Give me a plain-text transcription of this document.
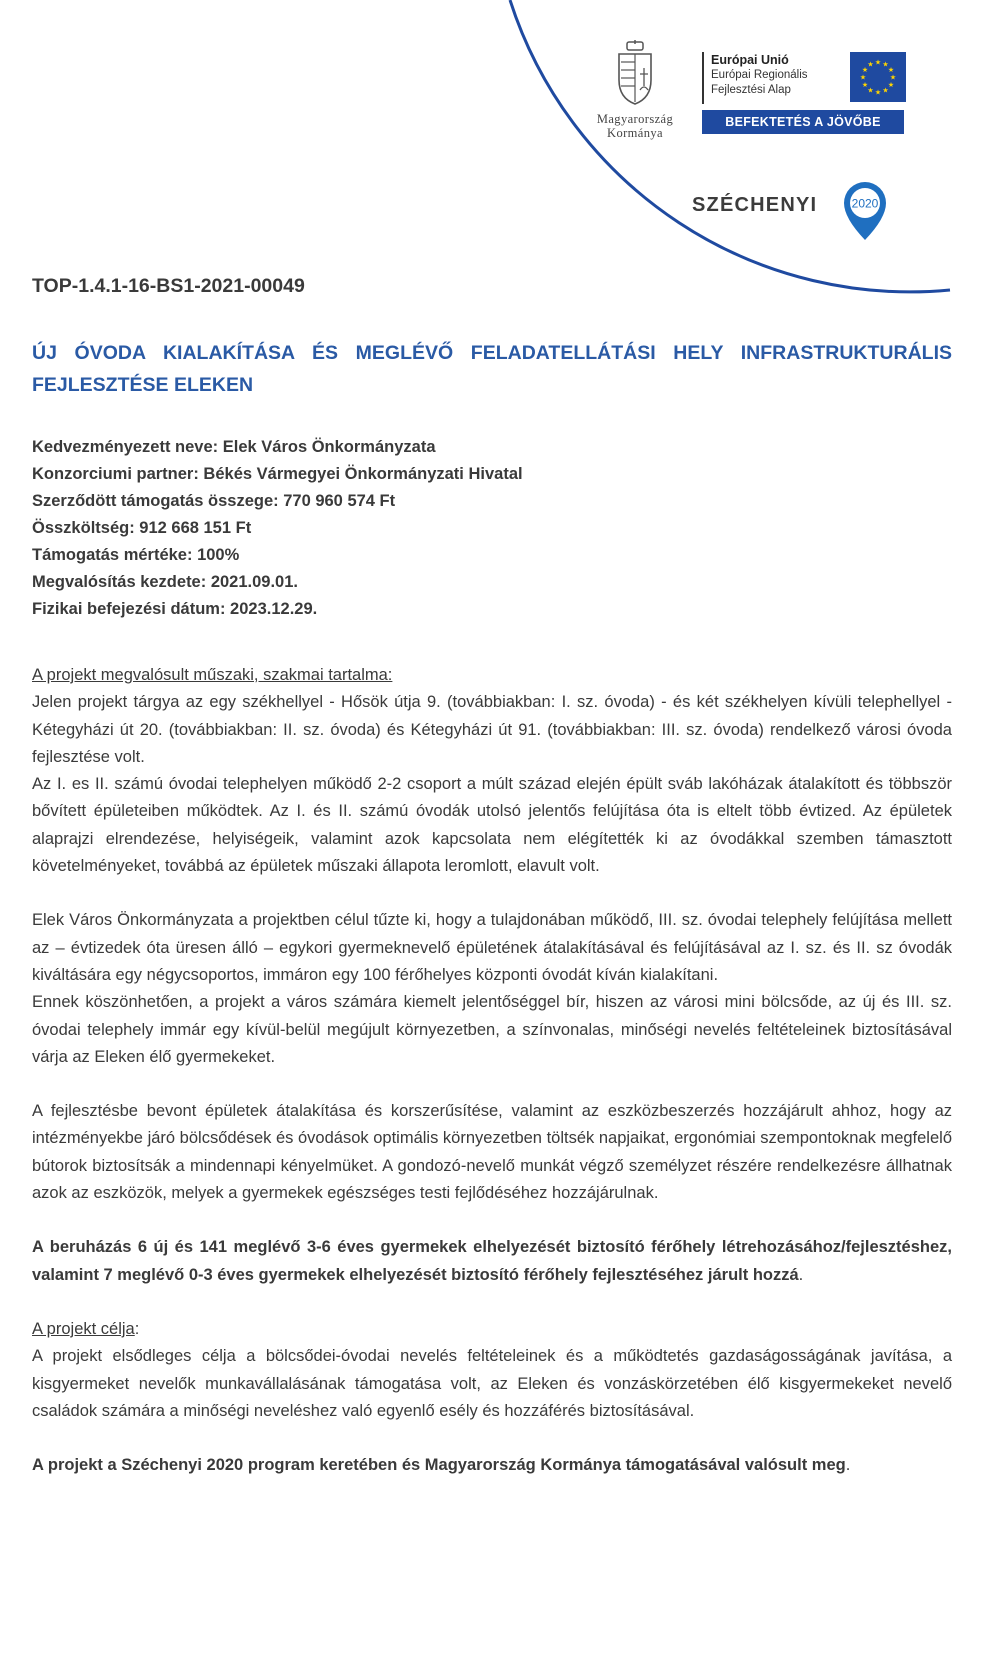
Magyarország
Kormánya
Európai Unió
Európai Regionális
Fejlesztési Alap
★ ★
★
★
★
★
★
★
★
★
★
★
BEFEKTETÉS A JÖVŐBE
SZÉCHENYI	2020
TOP-1.4.1-16-BS1-2021-00049
ÚJ ÓVODA KIALAKÍTÁSA ÉS MEGLÉVŐ FELADATELLÁTÁSI HELY INFRASTRUKTURÁLIS FEJLESZTÉSE ELEKEN
Kedvezményezett neve: Elek Város Önkormányzata
Konzorciumi partner: Békés Vármegyei Önkormányzati Hivatal
Szerződött támogatás összege: 770 960 574 Ft
Összköltség: 912 668 151 Ft
Támogatás mértéke: 100%
Megvalósítás kezdete: 2021.09.01.
Fizikai befejezési dátum: 2023.12.29.

A projekt megvalósult műszaki, szakmai tartalma:

Jelen projekt tárgya az egy székhellyel - Hősök útja 9. (továbbiakban: I. sz. óvoda) - és két székhelyen kívüli telephellyel - Kétegyházi út 20. (továbbiakban: II. sz. óvoda) és Kétegyházi út 91. (továbbiakban: III. sz. óvoda) rendelkező városi óvoda fejlesztése volt.

Az I. es II. számú óvodai telephelyen működő 2-2 csoport a múlt század elején épült sváb lakóházak átalakított és többször bővített épületeiben működtek. Az I. és II. számú óvodák utolsó jelentős felújítása óta is eltelt több évtized. Az épületek alaprajzi elrendezése, helyiségeik, valamint azok kapcsolata nem elégítették ki az óvodákkal szemben támasztott követelményeket, továbbá az épületek műszaki állapota leromlott, elavult volt.

Elek Város Önkormányzata a projektben célul tűzte ki, hogy a tulajdonában működő, III. sz. óvodai telephely felújítása mellett az – évtizedek óta üresen álló – egykori gyermeknevelő épületének átalakításával és felújításával az I. sz. és II. sz óvodák kiváltására egy négycsoportos, immáron egy 100 férőhelyes központi óvodát kíván kialakítani.

Ennek köszönhetően, a projekt a város számára kiemelt jelentőséggel bír, hiszen az városi mini bölcsőde, az új és III. sz. óvodai telephely immár egy kívül-belül megújult környezetben, a színvonalas, minőségi nevelés feltételeinek biztosításával várja az Eleken élő gyermekeket.

A fejlesztésbe bevont épületek átalakítása és korszerűsítése, valamint az eszközbeszerzés hozzájárult ahhoz, hogy az intézményekbe járó bölcsődések és óvodások optimális környezetben töltsék napjaikat, ergonómiai szempontoknak megfelelő bútorok biztosítsák a mindennapi kényelmüket. A gondozó-nevelő munkát végző személyzet részére rendelkezésre állhatnak azok az eszközök, melyek a gyermekek egészséges testi fejlődéséhez hozzájárulnak.

A beruházás 6 új és 141 meglévő 3-6 éves gyermekek elhelyezését biztosító férőhely létrehozásához/fejlesztéshez, valamint 7 meglévő 0-3 éves gyermekek elhelyezését biztosító férőhely fejlesztéséhez járult hozzá.

A projekt célja:

A projekt elsődleges célja a bölcsődei-óvodai nevelés feltételeinek és a működtetés gazdaságosságának javítása, a kisgyermeket nevelők munkavállalásának támogatása volt, az Eleken és vonzáskörzetében élő kisgyermekeket nevelő családok számára a minőségi neveléshez való egyenlő esély és hozzáférés biztosításával.

A projekt a Széchenyi 2020 program keretében és Magyarország Kormánya támogatásával valósult meg.
